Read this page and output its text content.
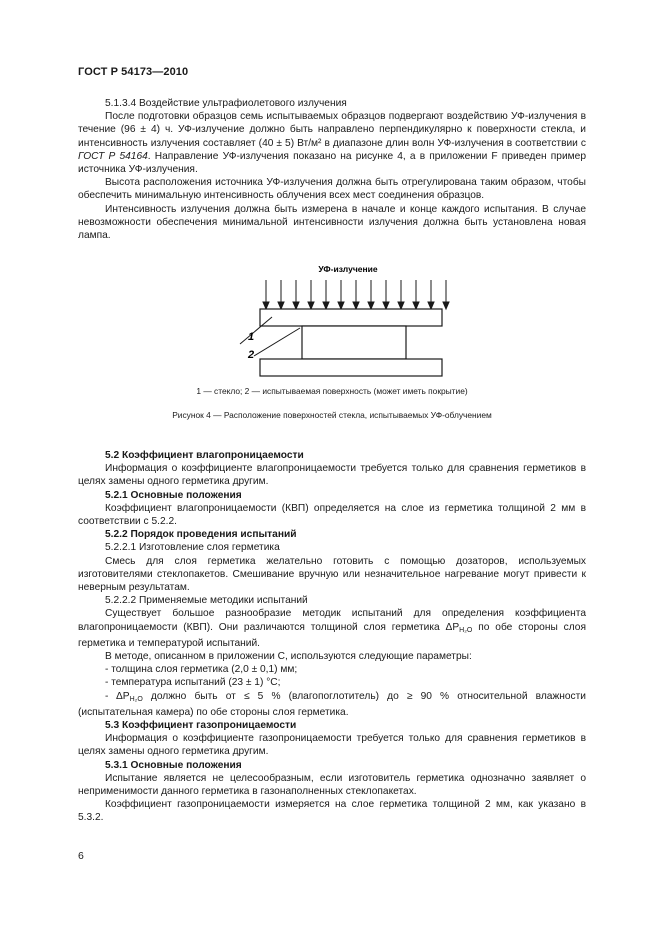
ГОСТ Р 54173—2010

5.1.3.4 Воздействие ультрафиолетового излучения

После подготовки образцов семь испытываемых образцов подвергают воздействию УФ-излучения в течение (96 ± 4) ч. УФ-излучение должно быть направлено перпендикулярно к поверхности стекла, и интенсивность излучения составляет (40 ± 5) Вт/м² в диапазоне длин волн УФ-излучения в соответствии с ГОСТ Р 54164. Направление УФ-излучения показано на рисунке 4, а в приложении F приведен пример источника УФ-излучения.

Высота расположения источника УФ-излучения должна быть отрегулирована таким образом, чтобы обеспечить минимальную интенсивность облучения всех мест соединения образцов.

Интенсивность излучения должна быть измерена в начале и конце каждого испытания. В случае невозможности обеспечения минимальной интенсивности излучения должна быть установлена новая лампа.

УФ-излучение
1
2
1 — стекло; 2 — испытываемая поверхность (может иметь покрытие)
Рисунок 4 — Расположение поверхностей стекла, испытываемых УФ-облучением

5.2 Коэффициент влагопроницаемости

Информация о коэффициенте влагопроницаемости требуется только для сравнения герметиков в целях замены одного герметика другим.

5.2.1 Основные положения

Коэффициент влагопроницаемости (КВП) определяется на слое из герметика толщиной 2 мм в соответствии с 5.2.2.

5.2.2 Порядок проведения испытаний

5.2.2.1 Изготовление слоя герметика

Смесь для слоя герметика желательно готовить с помощью дозаторов, используемых изготовителями стеклопакетов. Смешивание вручную или незначительное нагревание могут привести к неверным результатам.

5.2.2.2 Применяемые методики испытаний

Существует большое разнообразие методик испытаний для определения коэффициента влагопроницаемости (КВП). Они различаются толщиной слоя герметика $\Delta P_{H_2O}$ по обе стороны слоя герметика и температурой испытаний.

В методе, описанном в приложении С, используются следующие параметры:

- толщина слоя герметика (2,0 ± 0,1) мм;

- температура испытаний (23 ± 1) °С;

- $\Delta P_{H_2O}$ должно быть от ≤ 5 % (влагопоглотитель) до ≥ 90 % относительной влажности (испытательная камера) по обе стороны слоя герметика.

5.3 Коэффициент газопроницаемости

Информация о коэффициенте газопроницаемости требуется только для сравнения герметиков в целях замены одного герметика другим.

5.3.1 Основные положения

Испытание является не целесообразным, если изготовитель герметика однозначно заявляет о неприменимости данного герметика в газонаполненных стеклопакетах.

Коэффициент газопроницаемости измеряется на слое герметика толщиной 2 мм, как указано в 5.3.2.

6
